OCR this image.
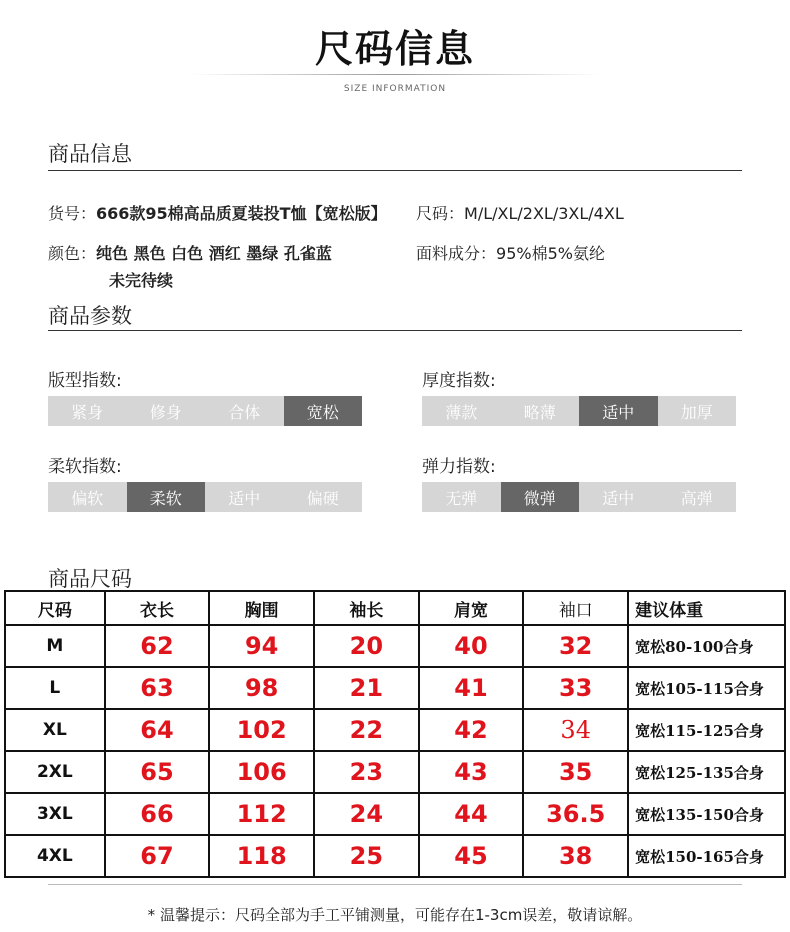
尺码信息
SIZE INFORMATION
商品信息
货号：666款95棉高品质夏装投T恤【宽松版】 尺码：M/L/XL/2XL/3XL/4XL
颜色：纯色 黑色 白色 酒红 墨绿 孔雀蓝
未完待续
面料成分：95%棉5%氨纶
商品参数
版型指数:
紧身	修身	合体	宽松
厚度指数:
薄款	略薄	适中	加厚
柔软指数:
偏软	柔软	适中	偏硬
弹力指数:
无弹	微弹	适中	高弹
商品尺码
尺码	衣长	胸围	袖长	肩宽	袖口	建议体重
M	62	94	20	40	32	宽松80-100合身
L	63	98	21	41	33	宽松105-115合身
XL	64	102	22	42	34	宽松115-125合身
2XL	65	106	23	43	35	宽松125-135合身
3XL	66	112	24	44	36.5	宽松135-150合身
4XL	67	118	25	45	38	宽松150-165合身
* 温馨提示：尺码全部为手工平铺测量，可能存在1-3cm误差，敬请谅解。
